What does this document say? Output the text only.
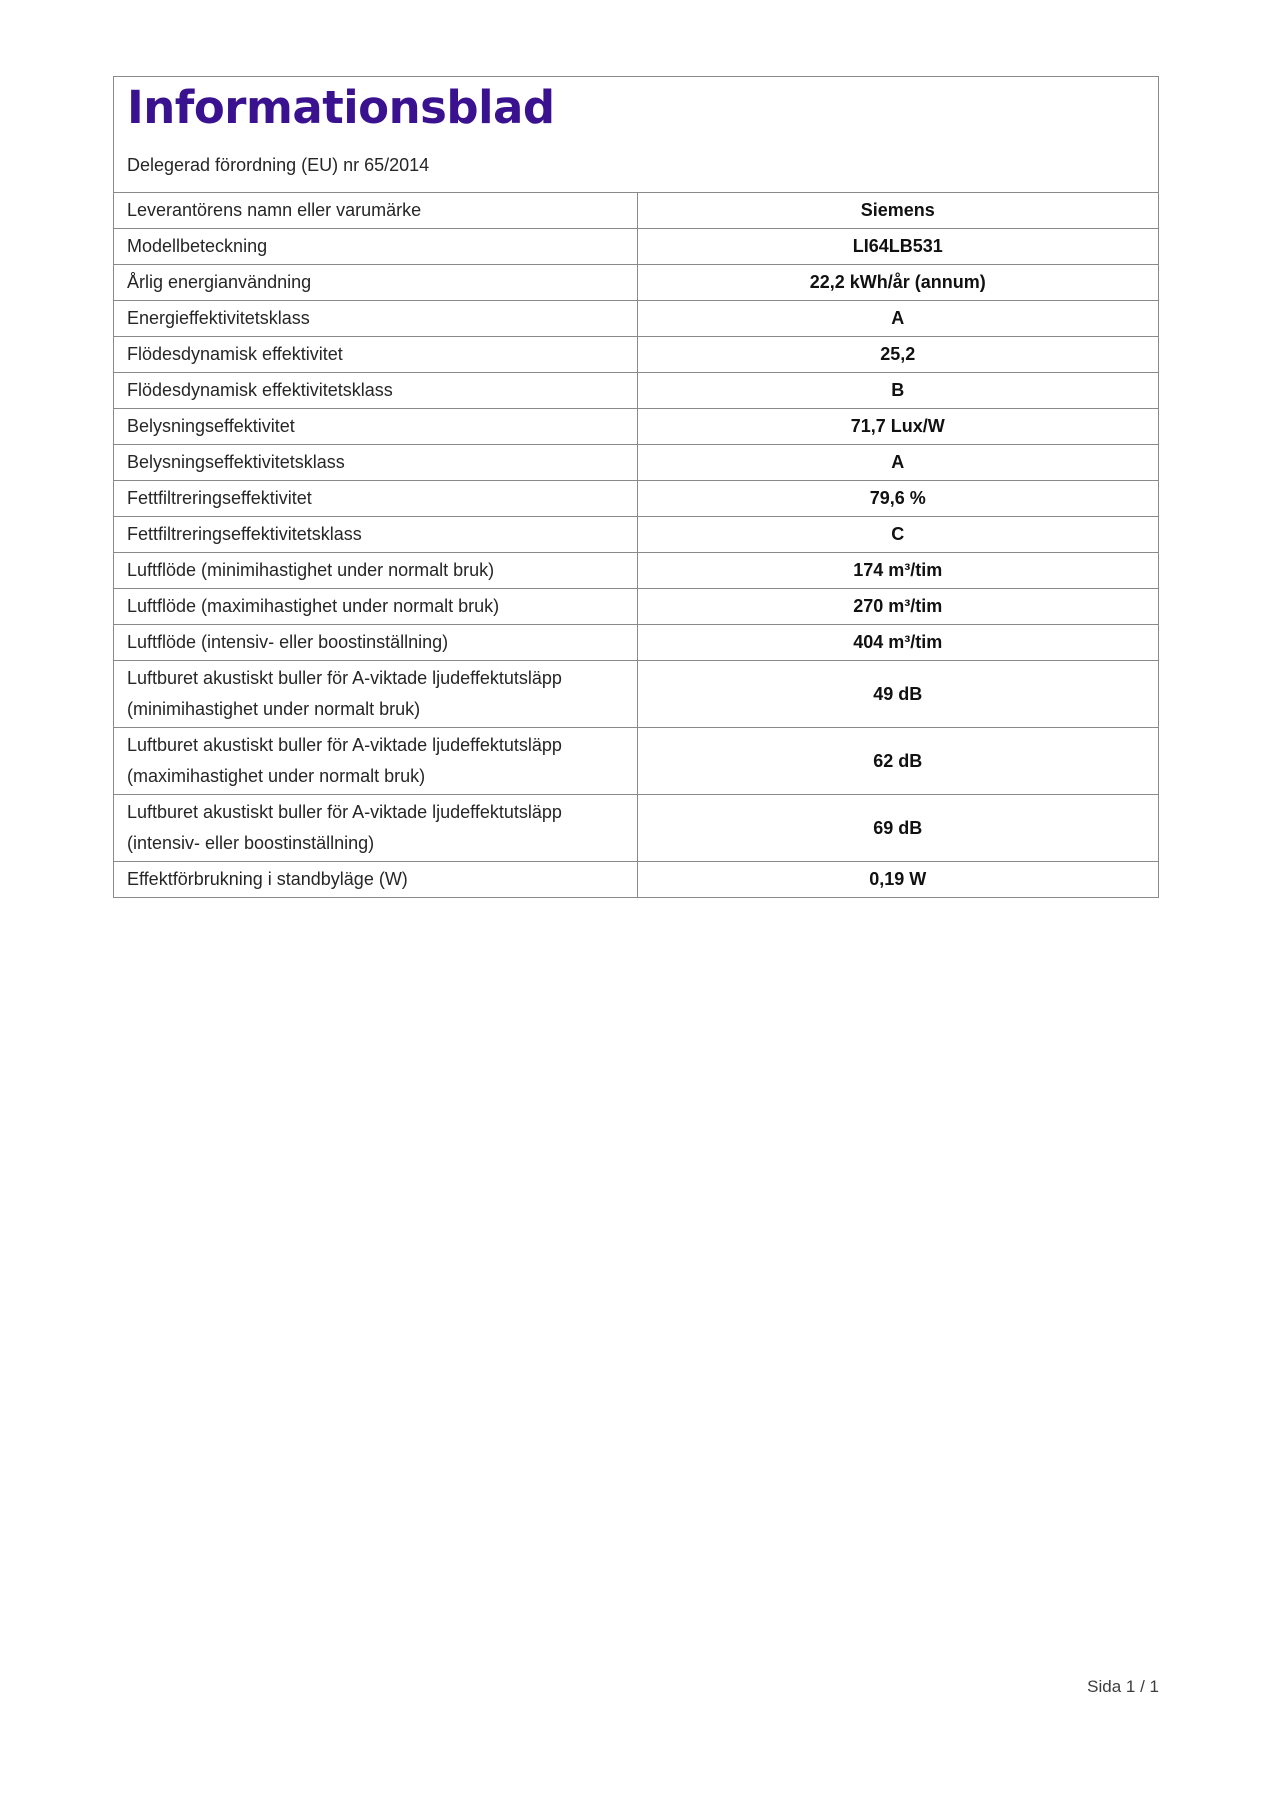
Informationsblad
Delegerad förordning (EU) nr 65/2014
Leverantörens namn eller varumärke	Siemens

Modellbeteckning	LI64LB531

Årlig energianvändning	22,2 kWh/år (annum)

Energieffektivitetsklass	A

Flödesdynamisk effektivitet	25,2

Flödesdynamisk effektivitetsklass	B

Belysningseffektivitet	71,7 Lux/W

Belysningseffektivitetsklass	A

Fettfiltreringseffektivitet	79,6 %

Fettfiltreringseffektivitetsklass	C

Luftflöde (minimihastighet under normalt bruk)	174 m³/tim

Luftflöde (maximihastighet under normalt bruk)	270 m³/tim

Luftflöde (intensiv- eller boostinställning)	404 m³/tim

Luftburet akustiskt buller för A-viktade ljudeffektutsläpp
(minimihastighet under normalt bruk)	49 dB

Luftburet akustiskt buller för A-viktade ljudeffektutsläpp
(maximihastighet under normalt bruk)	62 dB

Luftburet akustiskt buller för A-viktade ljudeffektutsläpp
(intensiv- eller boostinställning)	69 dB

Effektförbrukning i standbyläge (W)	0,19 W
Sida 1 / 1
